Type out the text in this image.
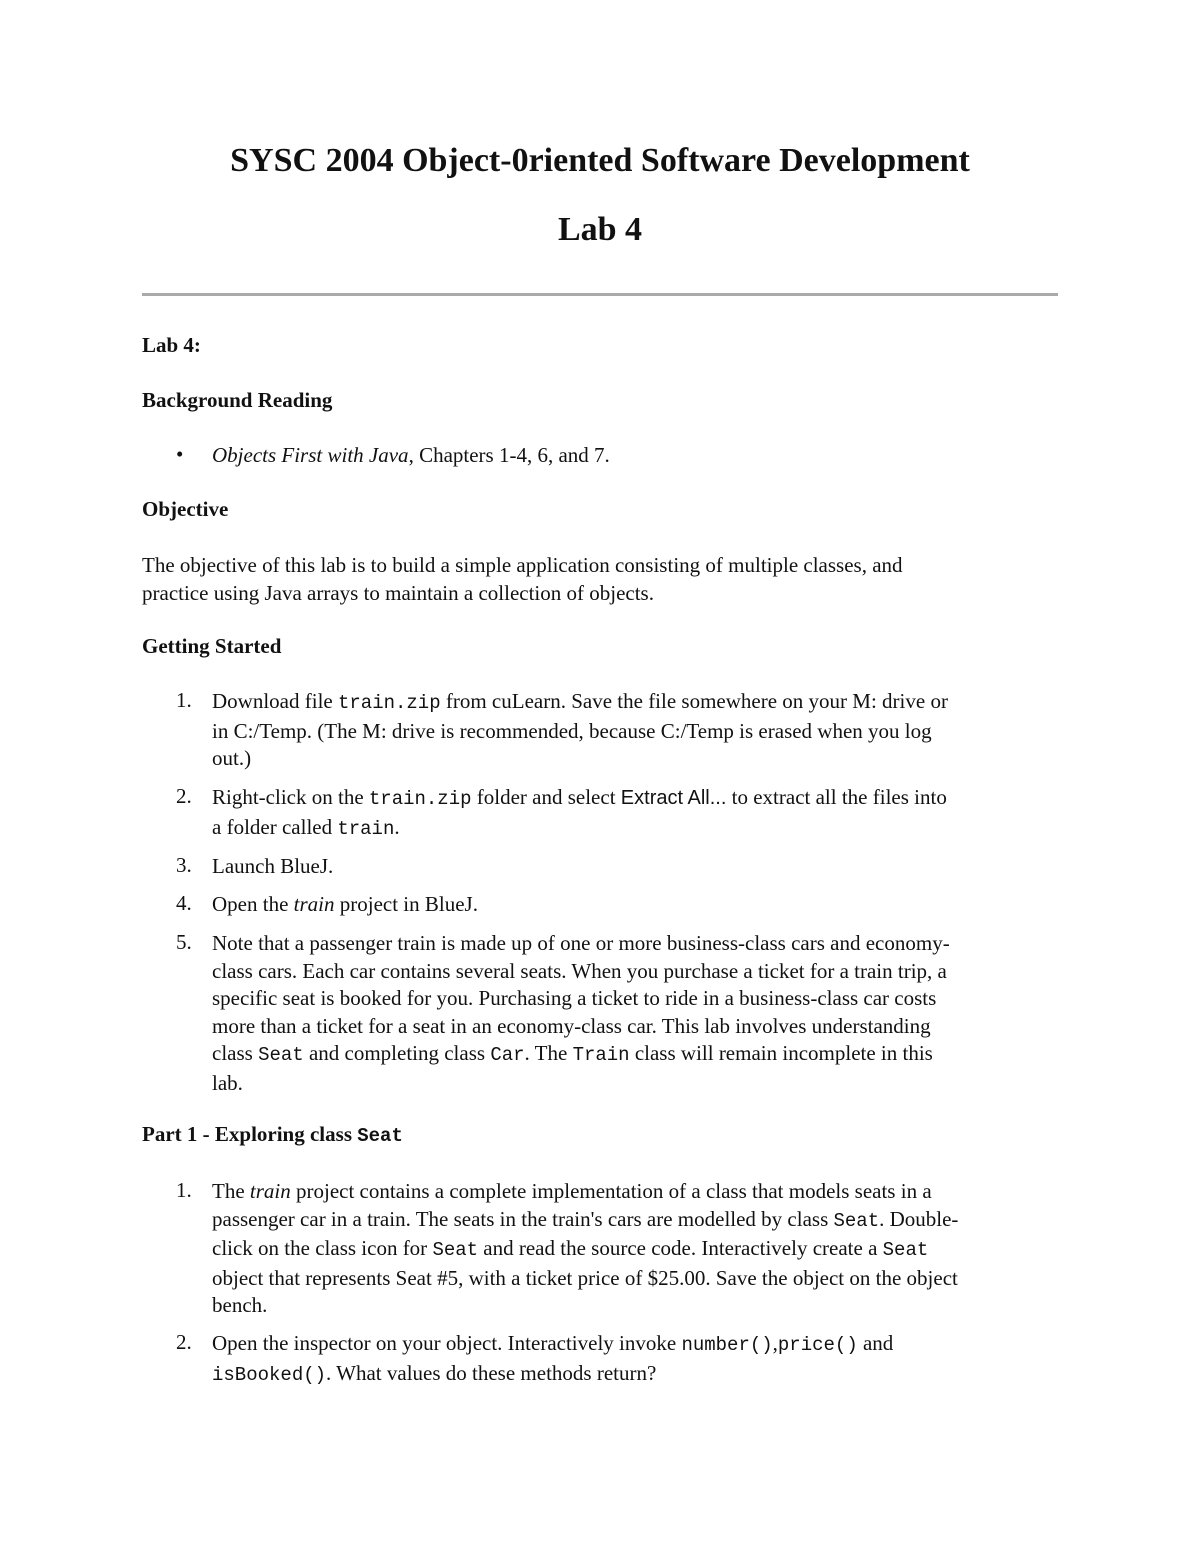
SYSC 2004 Object-0riented Software Development
Lab 4
Lab 4:
Background Reading
• Objects First with Java, Chapters 1-4, 6, and 7.
Objective
The objective of this lab is to build a simple application consisting of multiple classes, and
practice using Java arrays to maintain a collection of objects.
Getting Started
1. Download file train.zip from cuLearn. Save the file somewhere on your M: drive or
in C:/Temp. (The M: drive is recommended, because C:/Temp is erased when you log
out.)
2. Right-click on the train.zip folder and select Extract All... to extract all the files into
a folder called train.
3. Launch BlueJ.
4. Open the train project in BlueJ.
5. Note that a passenger train is made up of one or more business-class cars and economy-
class cars. Each car contains several seats. When you purchase a ticket for a train trip, a
specific seat is booked for you. Purchasing a ticket to ride in a business-class car costs
more than a ticket for a seat in an economy-class car. This lab involves understanding
class Seat and completing class Car. The Train class will remain incomplete in this
lab.
Part 1 - Exploring class Seat
1. The train project contains a complete implementation of a class that models seats in a
passenger car in a train. The seats in the train's cars are modelled by class Seat. Double-
click on the class icon for Seat and read the source code. Interactively create a Seat
object that represents Seat #5, with a ticket price of $25.00. Save the object on the object
bench.
2. Open the inspector on your object. Interactively invoke number(),price() and
isBooked(). What values do these methods return?
